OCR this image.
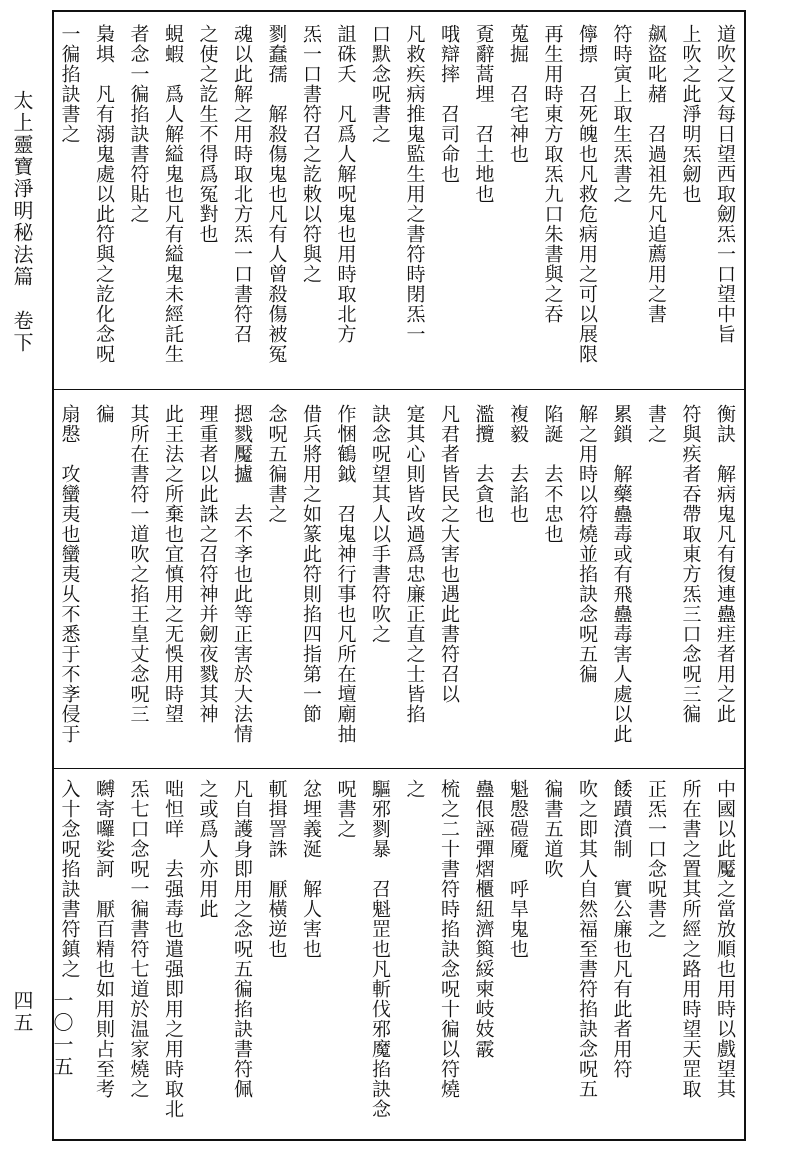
太上靈寶淨明秘法篇　卷下
一〇一五四五
道吹之又每日望西取劒炁一口望中旨
上吹之此淨明炁劒也
飙盜叱赭　召過祖先凡追薦用之書
符時寅上取生炁書之
儜摽　召死魄也凡救危病用之可以展限
再生用時東方取炁九口朱書與之吞
蒐掘　召宅神也
覔辭蒿埋　召土地也
哦辯摔　召司命也
凡救疾病推鬼監生用之書符時閉炁一
口默念呪書之
詛硃夭　凡爲人解呪鬼也用時取北方
炁一口書符召之訖敕以符與之
剹蠢孺　解殺傷鬼也凡有人曾殺傷被冤
魂以此解之用時取北方炁一口書符召
之使之訖生不得爲冤對也
蜆蝦　爲人解縊鬼也凡有縊鬼未經託生
者念一徧掐訣書符貼之
梟埧　凡有溺鬼處以此符與之訖化念呪
一徧掐訣書之
衡訣　解病鬼凡有復連蠱疰者用之此
符與疾者吞帶取東方炁三口念呪三徧
書之
累鎖　解藥蠱毒或有飛蠱毒害人處以此
解之用時以符燒並掐訣念呪五徧
陷誕　去不忠也
複毅　去諂也
濫攬　去貪也
凡君者皆民之大害也遇此書符召以
寔其心則皆改過爲忠廉正直之士皆掐
訣念呪望其人以手書符吹之
作悃鶴鉞　召鬼神行事也凡所在壇廟抽
借兵將用之如篆此符則掐四指第一節
念呪五徧書之
摁戮魘攎　去不斈也此等正害於大法情
理重者以此誅之召符神并劒夜戮其神
此王法之所棄也宜慎用之无悞用時望
其所在書符一道吹之掐王皇丈念呪三
徧
扇慇　攻蠻夷也蠻夷乆不悉于不斈侵于
中國以此魘之當放順也用時以戲望其
所在書之置其所經之路用時望天罡取
正炁一口念呪書之
餧蹟濆制　實公廉也凡有此者用符
吹之即其人自然福至書符掐訣念呪五
徧書五道吹
魁慇磑魇　呼旱鬼也
蠱佷誣彈熠櫃紐濟籅綏柬岐妓霰
梳之二十書符時掐訣念呪十徧以符燒
之
驅邪剹暴　召魁罡也凡斬伐邪魔掐訣念
呪書之
忿埋義涎　解人害也
軏揖詈誅　厭橫逆也
凡自護身即用之念呪五徧掐訣書符佩
之或爲人亦用此
咄怛咩　去强毒也遣强即用之用時取北
炁七口念呪一徧書符七道於温家燒之
嚩寄囉娑訶　厭百精也如用則占至考
入十念呪掐訣書符鎮之
